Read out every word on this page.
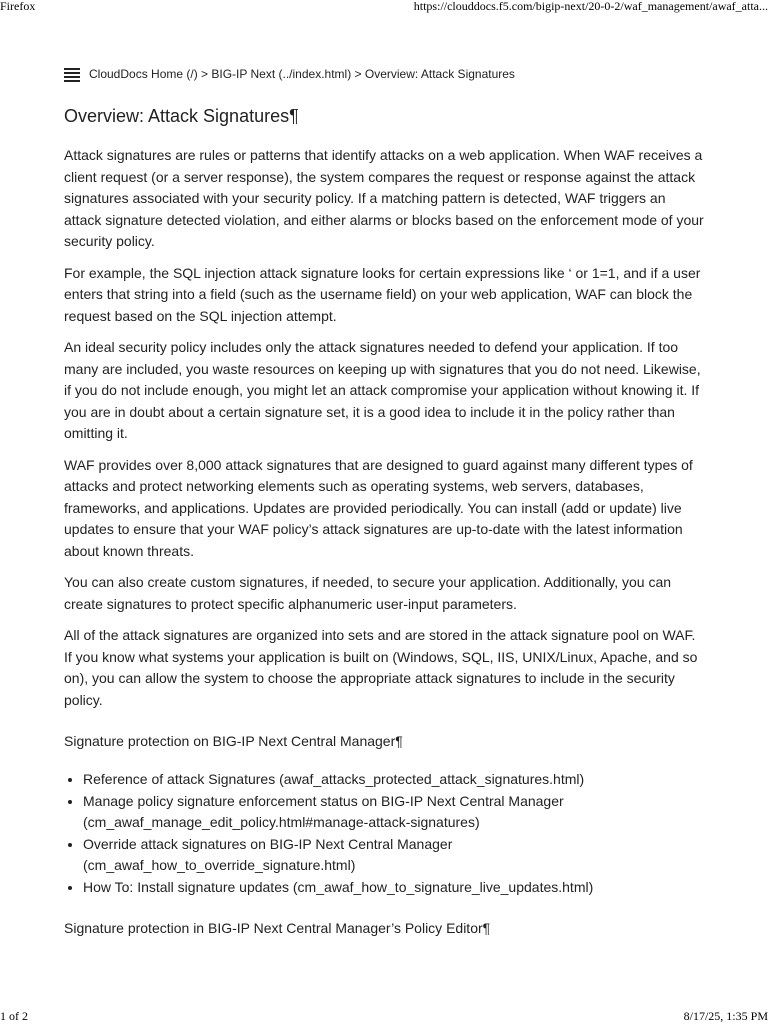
Firefox	https://clouddocs.f5.com/bigip-next/20-0-2/waf_management/awaf_atta...
CloudDocs Home (/) > BIG-IP Next (../index.html) > Overview: Attack Signatures
Overview: Attack Signatures¶

Attack signatures are rules or patterns that identify attacks on a web application. When WAF receives a client request (or a server response), the system compares the request or response against the attack signatures associated with your security policy. If a matching pattern is detected, WAF triggers an attack signature detected violation, and either alarms or blocks based on the enforcement mode of your security policy.

For example, the SQL injection attack signature looks for certain expressions like ‘ or 1=1, and if a user enters that string into a field (such as the username field) on your web application, WAF can block the request based on the SQL injection attempt.

An ideal security policy includes only the attack signatures needed to defend your application. If too many are included, you waste resources on keeping up with signatures that you do not need. Likewise, if you do not include enough, you might let an attack compromise your application without knowing it. If you are in doubt about a certain signature set, it is a good idea to include it in the policy rather than omitting it.

WAF provides over 8,000 attack signatures that are designed to guard against many different types of attacks and protect networking elements such as operating systems, web servers, databases, frameworks, and applications. Updates are provided periodically. You can install (add or update) live updates to ensure that your WAF policy’s attack signatures are up-to-date with the latest information about known threats.

You can also create custom signatures, if needed, to secure your application. Additionally, you can create signatures to protect specific alphanumeric user-input parameters.

All of the attack signatures are organized into sets and are stored in the attack signature pool on WAF. If you know what systems your application is built on (Windows, SQL, IIS, UNIX/Linux, Apache, and so on), you can allow the system to choose the appropriate attack signatures to include in the security policy.

Signature protection on BIG-IP Next Central Manager¶
• Reference of attack Signatures (awaf_attacks_protected_attack_signatures.html)
• Manage policy signature enforcement status on BIG-IP Next Central Manager (cm_awaf_manage_edit_policy.html#manage-attack-signatures)
• Override attack signatures on BIG-IP Next Central Manager (cm_awaf_how_to_override_signature.html)
• How To: Install signature updates (cm_awaf_how_to_signature_live_updates.html)
Signature protection in BIG-IP Next Central Manager’s Policy Editor¶
1 of 2	8/17/25, 1:35 PM
